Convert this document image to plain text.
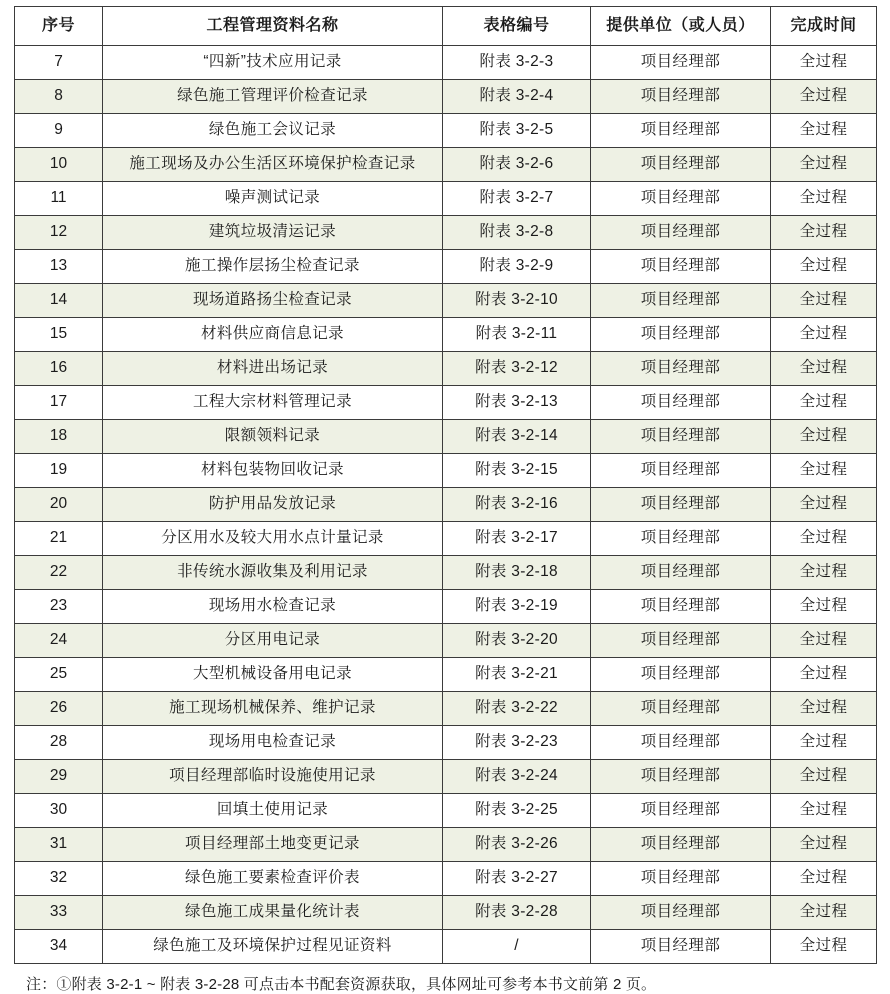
序号	工程管理资料名称	表格编号	提供单位（或人员）	完成时间
7	“四新”技术应用记录	附表 3-2-3	项目经理部	全过程
8	绿色施工管理评价检查记录	附表 3-2-4	项目经理部	全过程
9	绿色施工会议记录	附表 3-2-5	项目经理部	全过程
10	施工现场及办公生活区环境保护检查记录	附表 3-2-6	项目经理部	全过程
11	噪声测试记录	附表 3-2-7	项目经理部	全过程
12	建筑垃圾清运记录	附表 3-2-8	项目经理部	全过程
13	施工操作层扬尘检查记录	附表 3-2-9	项目经理部	全过程
14	现场道路扬尘检查记录	附表 3-2-10	项目经理部	全过程
15	材料供应商信息记录	附表 3-2-11	项目经理部	全过程
16	材料进出场记录	附表 3-2-12	项目经理部	全过程
17	工程大宗材料管理记录	附表 3-2-13	项目经理部	全过程
18	限额领料记录	附表 3-2-14	项目经理部	全过程
19	材料包装物回收记录	附表 3-2-15	项目经理部	全过程
20	防护用品发放记录	附表 3-2-16	项目经理部	全过程
21	分区用水及较大用水点计量记录	附表 3-2-17	项目经理部	全过程
22	非传统水源收集及利用记录	附表 3-2-18	项目经理部	全过程
23	现场用水检查记录	附表 3-2-19	项目经理部	全过程
24	分区用电记录	附表 3-2-20	项目经理部	全过程
25	大型机械设备用电记录	附表 3-2-21	项目经理部	全过程
26	施工现场机械保养、维护记录	附表 3-2-22	项目经理部	全过程
28	现场用电检查记录	附表 3-2-23	项目经理部	全过程
29	项目经理部临时设施使用记录	附表 3-2-24	项目经理部	全过程
30	回填土使用记录	附表 3-2-25	项目经理部	全过程
31	项目经理部土地变更记录	附表 3-2-26	项目经理部	全过程
32	绿色施工要素检查评价表	附表 3-2-27	项目经理部	全过程
33	绿色施工成果量化统计表	附表 3-2-28	项目经理部	全过程
34	绿色施工及环境保护过程见证资料	/	项目经理部	全过程
注：①附表 3-2-1 ~ 附表 3-2-28 可点击本书配套资源获取，具体网址可参考本书文前第 2 页。
